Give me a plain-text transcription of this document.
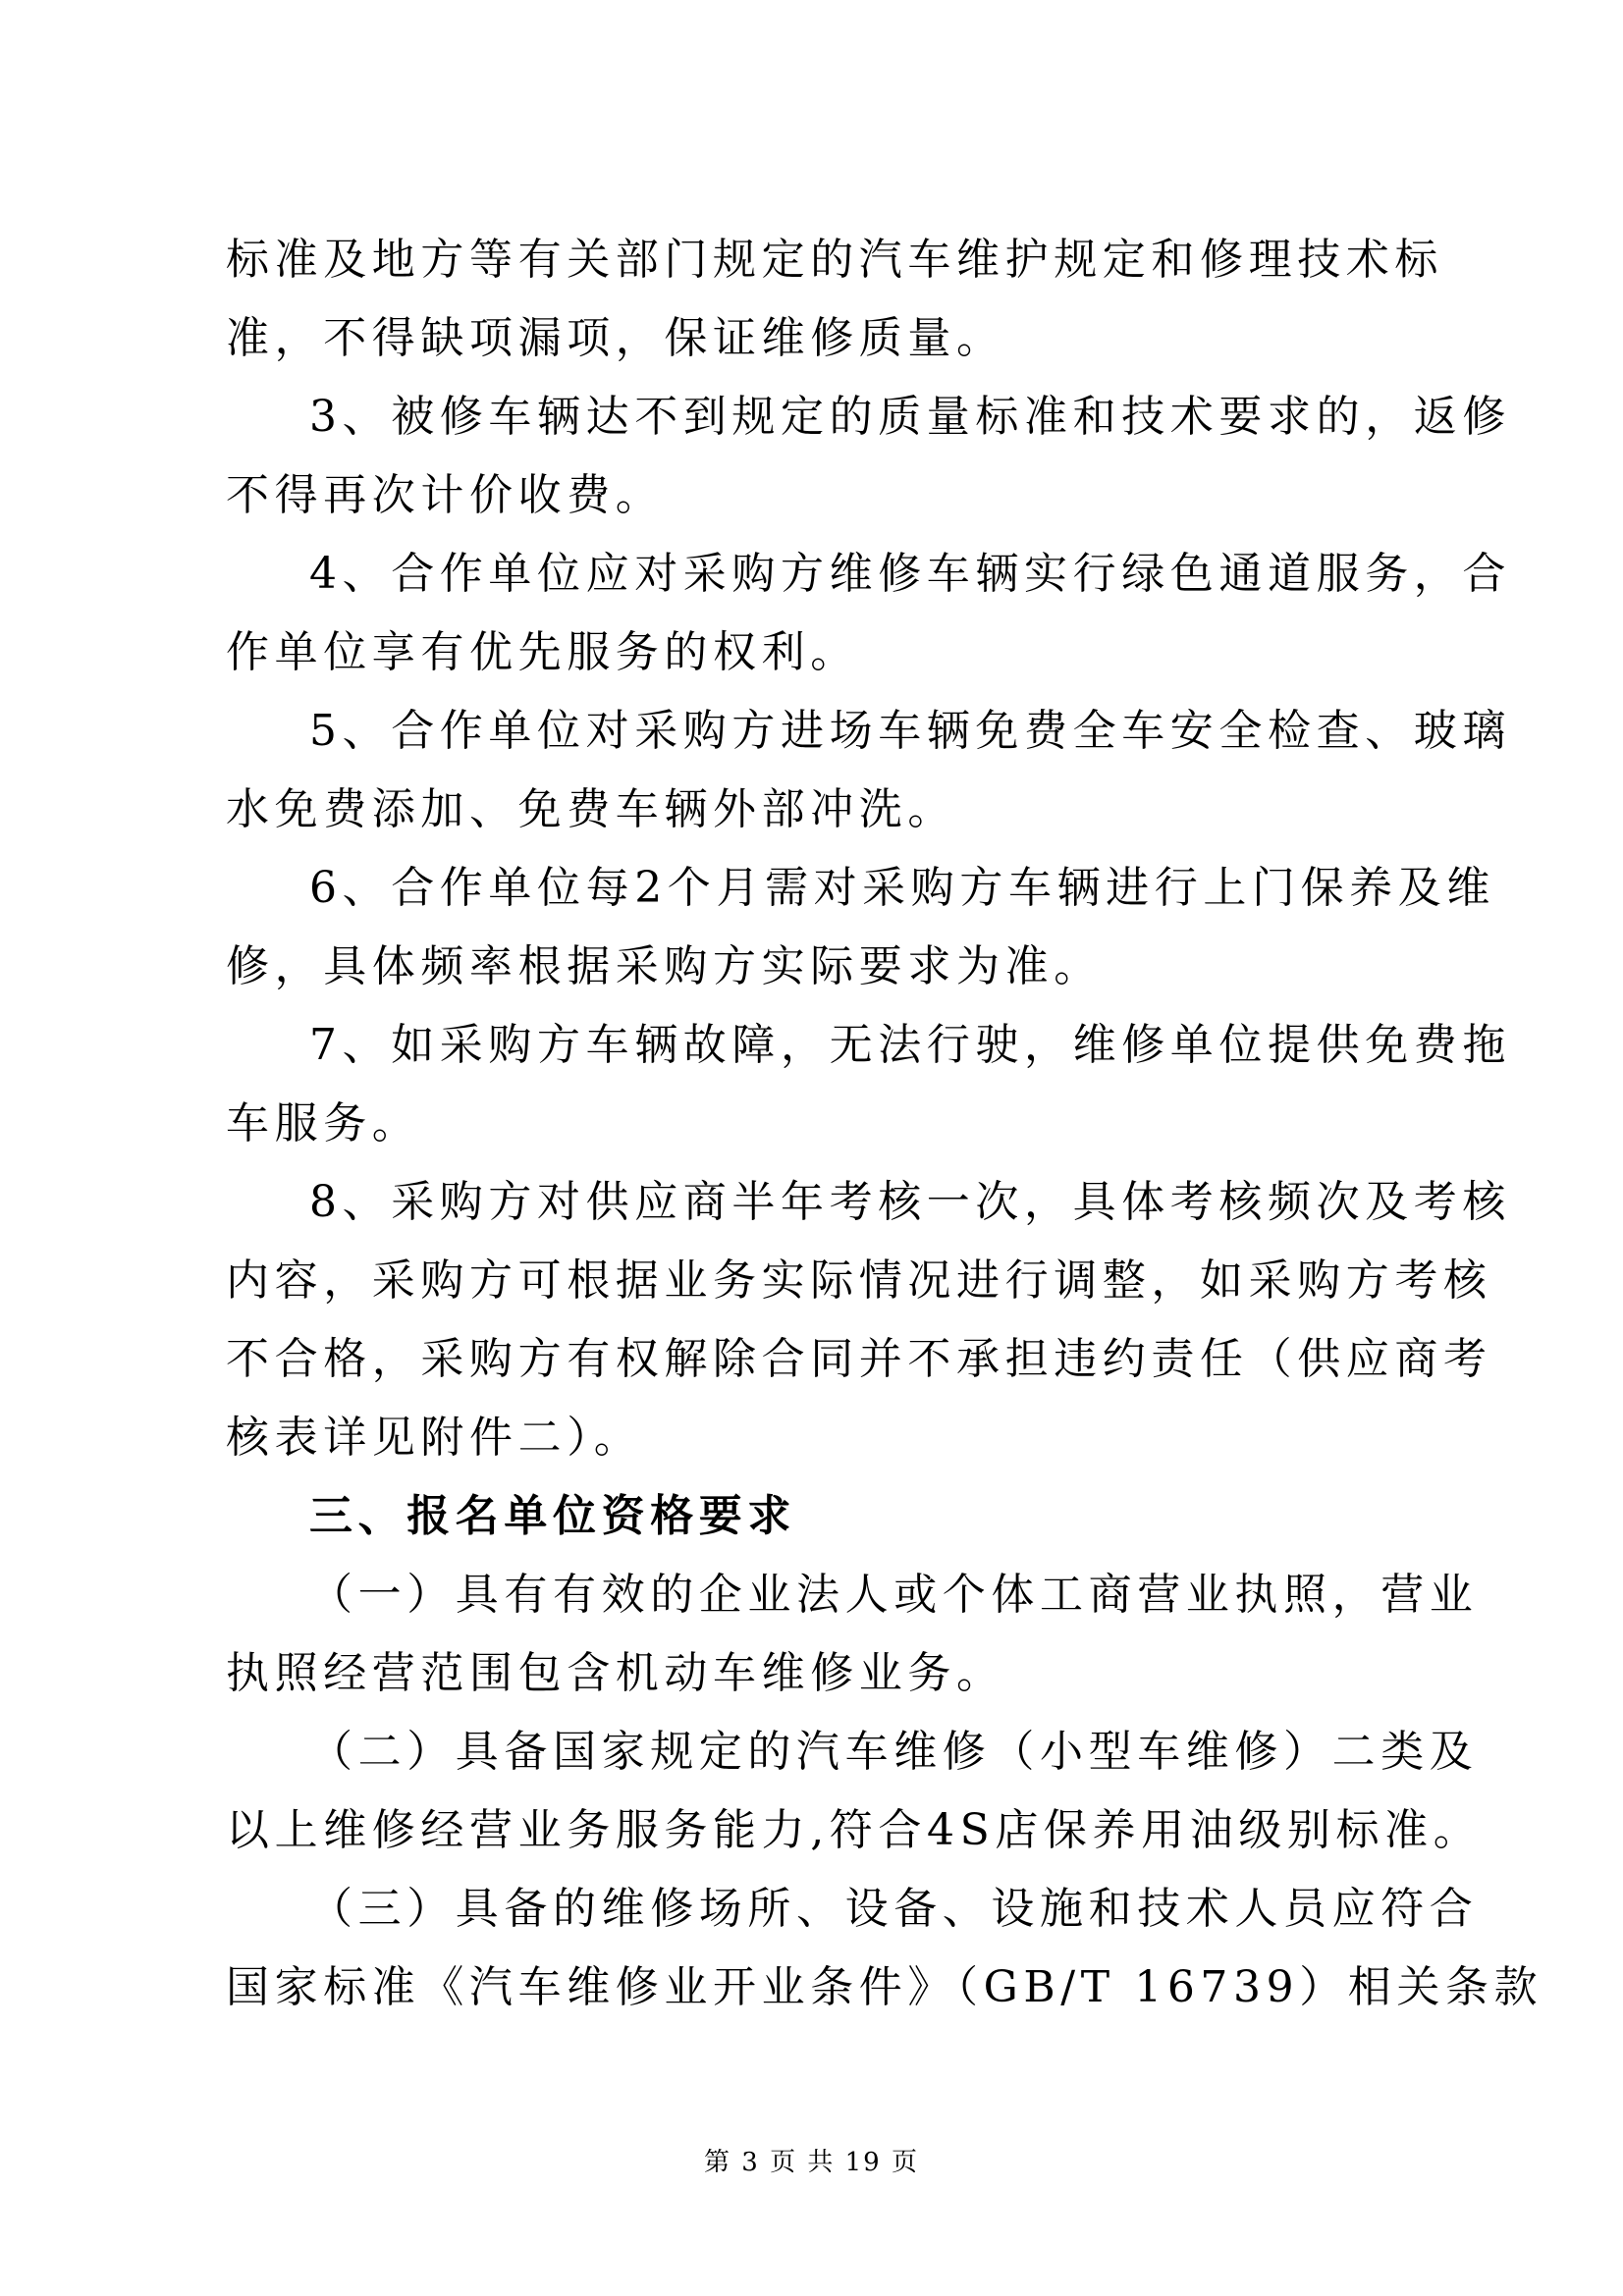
标准及地方等有关部门规定的汽车维护规定和修理技术标
准，不得缺项漏项，保证维修质量。
3、被修车辆达不到规定的质量标准和技术要求的，返修
不得再次计价收费。
4、合作单位应对采购方维修车辆实行绿色通道服务，合
作单位享有优先服务的权利。
5、合作单位对采购方进场车辆免费全车安全检查、玻璃
水免费添加、免费车辆外部冲洗。
6、合作单位每2个月需对采购方车辆进行上门保养及维
修，具体频率根据采购方实际要求为准。
7、如采购方车辆故障，无法行驶，维修单位提供免费拖
车服务。
8、采购方对供应商半年考核一次，具体考核频次及考核
内容，采购方可根据业务实际情况进行调整，如采购方考核
不合格，采购方有权解除合同并不承担违约责任（供应商考
核表详见附件二）。
三、报名单位资格要求
（一）具有有效的企业法人或个体工商营业执照，营业
执照经营范围包含机动车维修业务。
（二）具备国家规定的汽车维修（小型车维修）二类及
以上维修经营业务服务能力,符合4S店保养用油级别标准。
（三）具备的维修场所、设备、设施和技术人员应符合
国家标准《汽车维修业开业条件》（GB/T 16739）相关条款
第 3 页 共 19 页
